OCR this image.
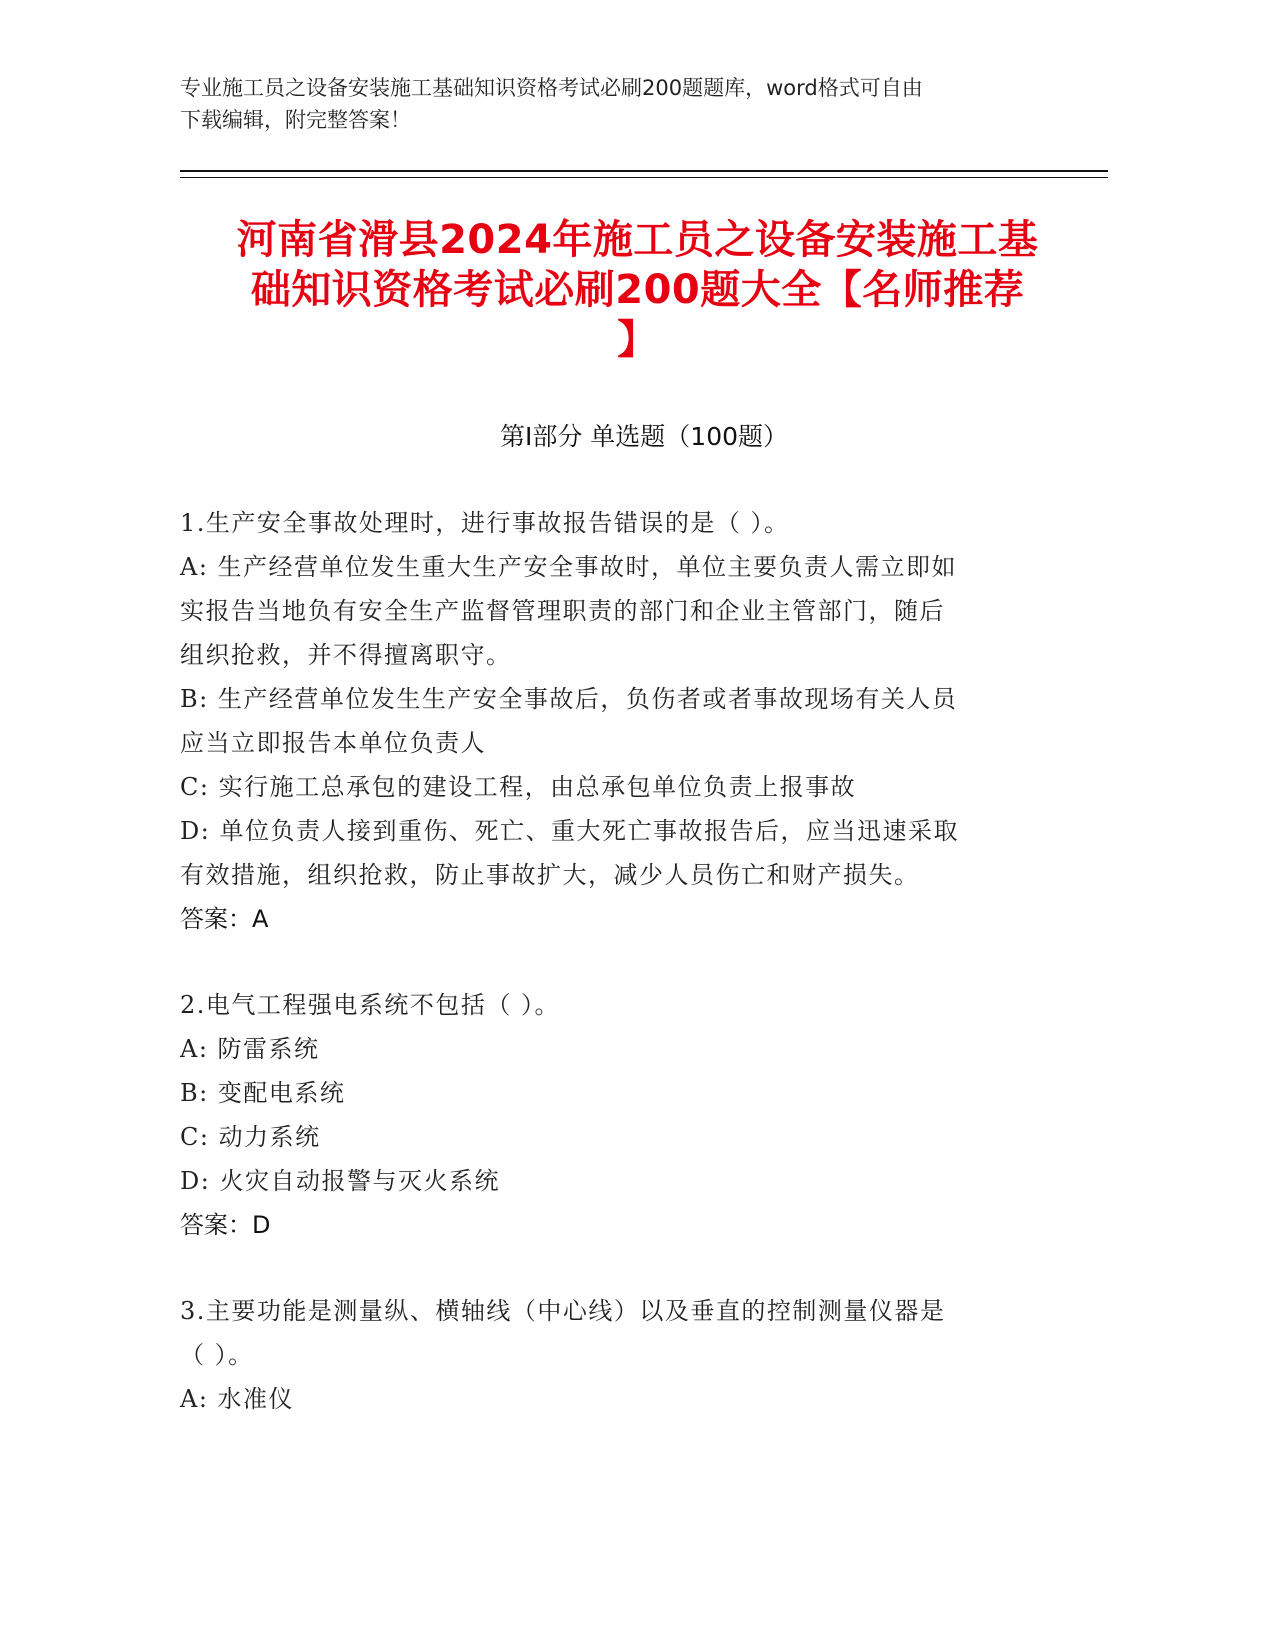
专业施工员之设备安装施工基础知识资格考试必刷200题题库，word格式可自由
下载编辑，附完整答案！
河南省滑县2024年施工员之设备安装施工基
础知识资格考试必刷200题大全【名师推荐
】
第I部分 单选题（100题）
1.生产安全事故处理时，进行事故报告错误的是（ ）。
A: 生产经营单位发生重大生产安全事故时，单位主要负责人需立即如
实报告当地负有安全生产监督管理职责的部门和企业主管部门，随后
组织抢救，并不得擅离职守。
B: 生产经营单位发生生产安全事故后，负伤者或者事故现场有关人员
应当立即报告本单位负责人
C: 实行施工总承包的建设工程，由总承包单位负责上报事故
D: 单位负责人接到重伤、死亡、重大死亡事故报告后，应当迅速采取
有效措施，组织抢救，防止事故扩大，减少人员伤亡和财产损失。
答案：A
2.电气工程强电系统不包括（ ）。
A: 防雷系统
B: 变配电系统
C: 动力系统
D: 火灾自动报警与灭火系统
答案：D
3.主要功能是测量纵、横轴线（中心线）以及垂直的控制测量仪器是
（ ）。
A: 水准仪
